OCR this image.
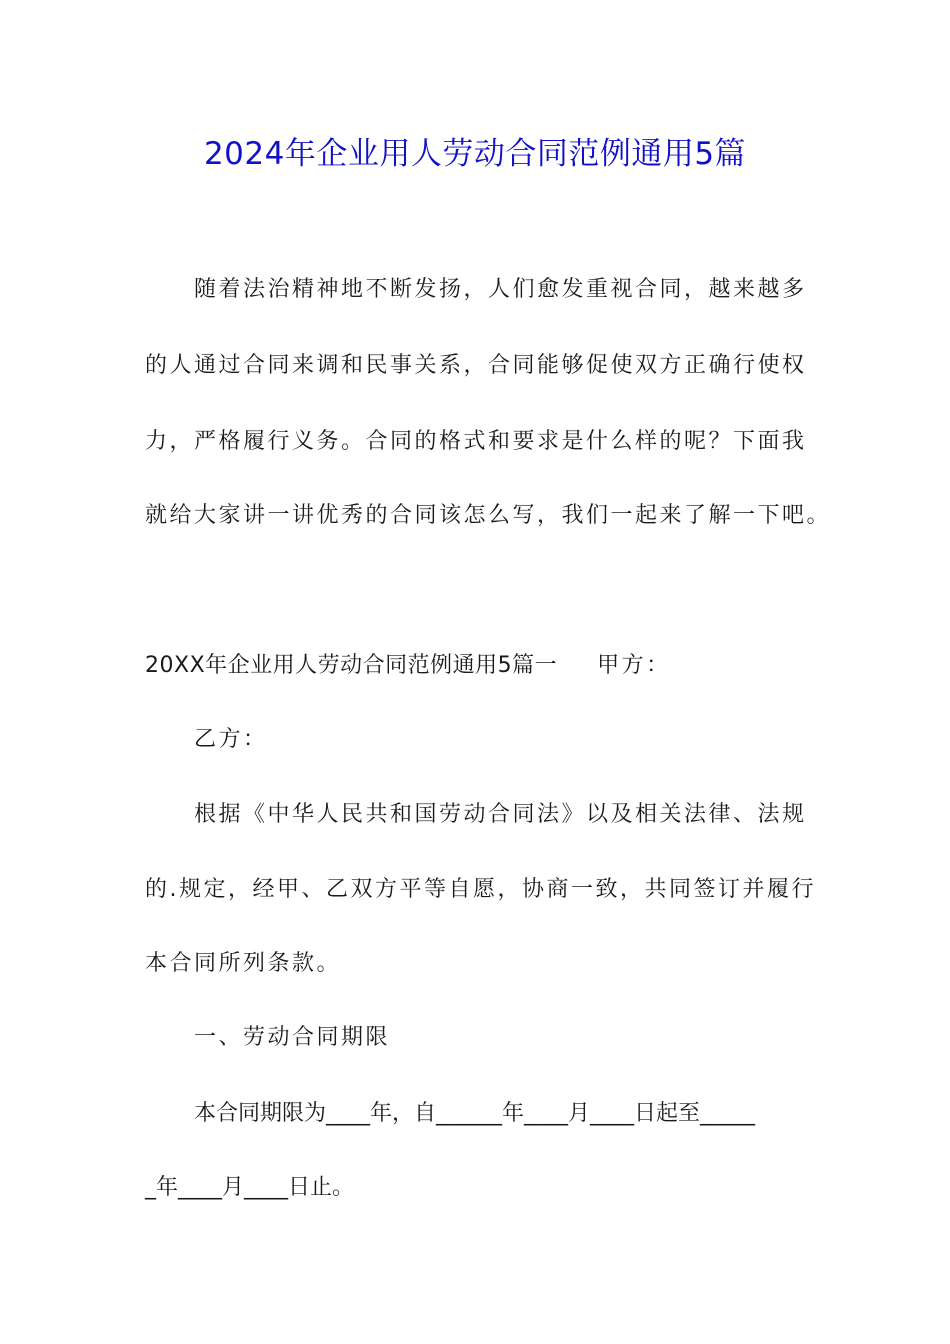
2024年企业用人劳动合同范例通用5篇
随着法治精神地不断发扬，人们愈发重视合同，越来越多
的人通过合同来调和民事关系，合同能够促使双方正确行使权
力，严格履行义务。合同的格式和要求是什么样的呢？下面我
就给大家讲一讲优秀的合同该怎么写，我们一起来了解一下吧。
20XX年企业用人劳动合同范例通用5篇一 甲方：
乙方：
根据《中华人民共和国劳动合同法》以及相关法律、法规
的.规定，经甲、乙双方平等自愿，协商一致，共同签订并履行
本合同所列条款。
一、劳动合同期限
本合同期限为____年，自______年____月____日起至_____
_年____月____日止。
